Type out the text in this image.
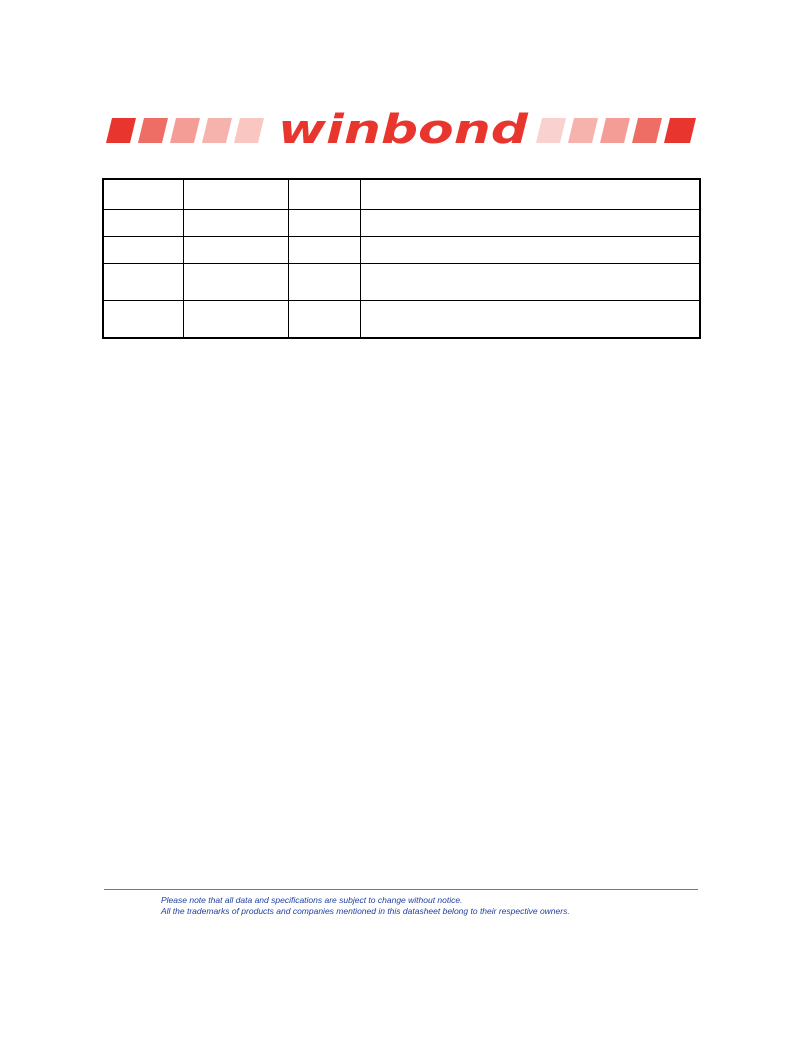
winbond

Please note that all data and specifications are subject to change without notice.
All the trademarks of products and companies mentioned in this datasheet belong to their respective owners.
